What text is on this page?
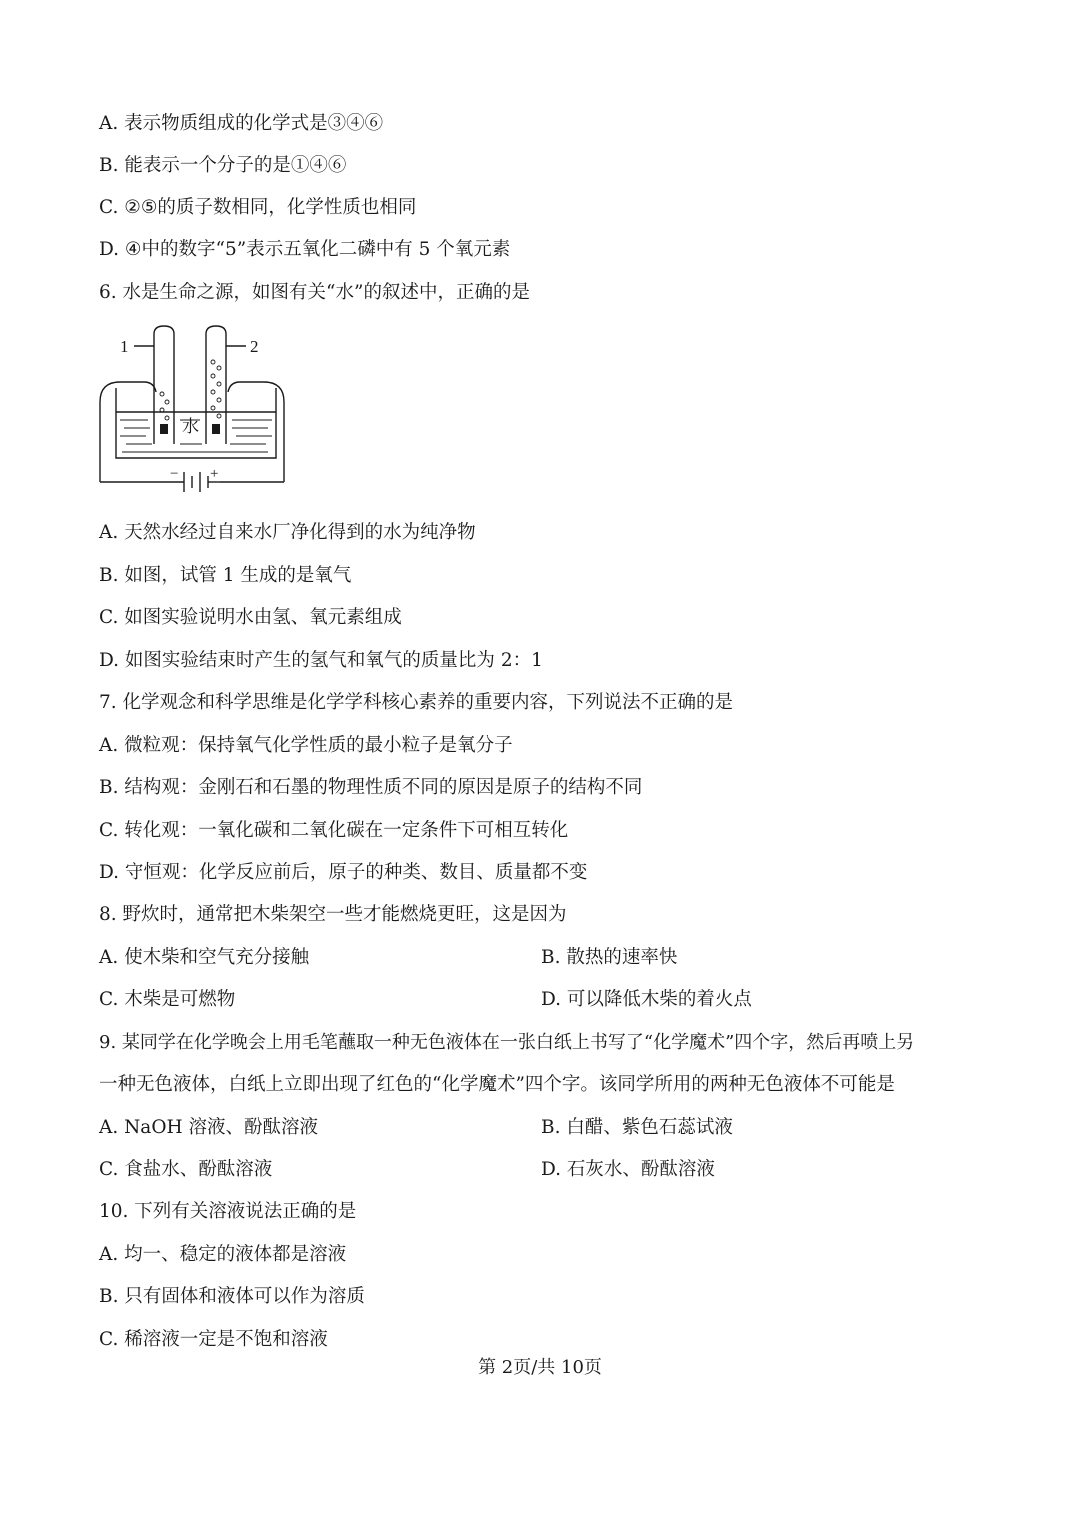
A. 表示物质组成的化学式是③④⑥
B. 能表示一个分子的是①④⑥
C. ②⑤的质子数相同，化学性质也相同
D. ④中的数字“5”表示五氧化二磷中有 5 个氧元素
6. 水是生命之源，如图有关“水”的叙述中，正确的是
1	2
水
− +
A. 天然水经过自来水厂净化得到的水为纯净物
B. 如图，试管 1 生成的是氧气
C. 如图实验说明水由氢、氧元素组成
D. 如图实验结束时产生的氢气和氧气的质量比为 2：1
7. 化学观念和科学思维是化学学科核心素养的重要内容，下列说法不正确的是
A. 微粒观：保持氧气化学性质的最小粒子是氧分子
B. 结构观：金刚石和石墨的物理性质不同的原因是原子的结构不同
C. 转化观：一氧化碳和二氧化碳在一定条件下可相互转化
D. 守恒观：化学反应前后，原子的种类、数目、质量都不变
8. 野炊时，通常把木柴架空一些才能燃烧更旺，这是因为
A. 使木柴和空气充分接触	B. 散热的速率快
C. 木柴是可燃物	D. 可以降低木柴的着火点
9. 某同学在化学晚会上用毛笔蘸取一种无色液体在一张白纸上书写了“化学魔术”四个字，然后再喷上另
一种无色液体，白纸上立即出现了红色的“化学魔术”四个字。该同学所用的两种无色液体不可能是
A. NaOH 溶液、酚酞溶液	B. 白醋、紫色石蕊试液
C. 食盐水、酚酞溶液	D. 石灰水、酚酞溶液
10. 下列有关溶液说法正确的是
A. 均一、稳定的液体都是溶液
B. 只有固体和液体可以作为溶质
C. 稀溶液一定是不饱和溶液
第 2页/共 10页
